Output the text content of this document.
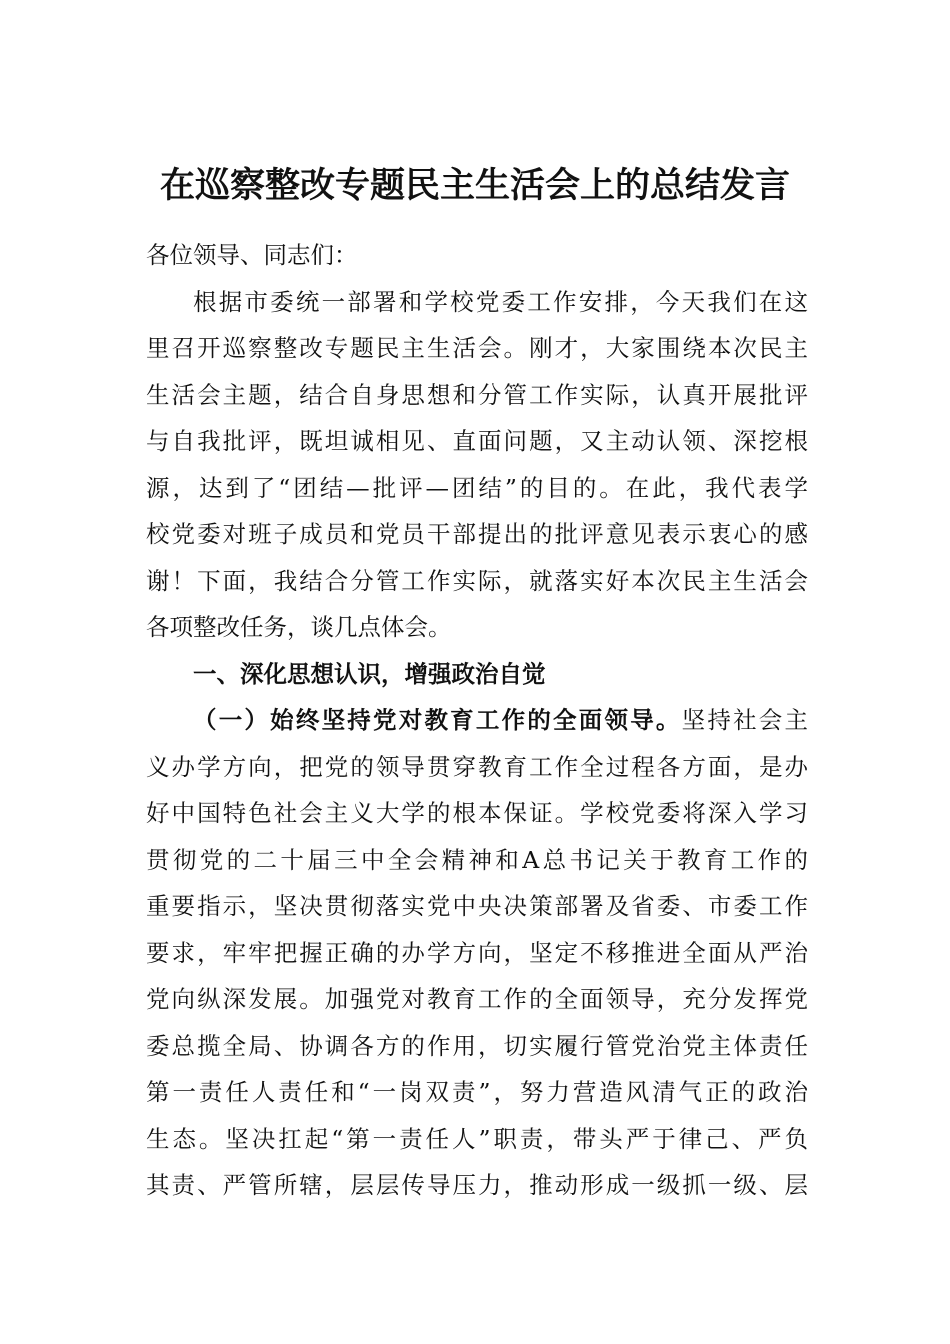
在巡察整改专题民主生活会上的总结发言
各位领导、同志们：
根据市委统一部署和学校党委工作安排，今天我们在这
里召开巡察整改专题民主生活会。刚才，大家围绕本次民主
生活会主题，结合自身思想和分管工作实际，认真开展批评
与自我批评，既坦诚相见、直面问题，又主动认领、深挖根
源，达到了“团结—批评—团结”的目的。在此，我代表学
校党委对班子成员和党员干部提出的批评意见表示衷心的感
谢！下面，我结合分管工作实际，就落实好本次民主生活会
各项整改任务，谈几点体会。
一、深化思想认识，增强政治自觉
（一）始终坚持党对教育工作的全面领导。坚持社会主
义办学方向，把党的领导贯穿教育工作全过程各方面，是办
好中国特色社会主义大学的根本保证。学校党委将深入学习
贯彻党的二十届三中全会精神和A总书记关于教育工作的
重要指示，坚决贯彻落实党中央决策部署及省委、市委工作
要求，牢牢把握正确的办学方向，坚定不移推进全面从严治
党向纵深发展。加强党对教育工作的全面领导，充分发挥党
委总揽全局、协调各方的作用，切实履行管党治党主体责任
第一责任人责任和“一岗双责”，努力营造风清气正的政治
生态。坚决扛起“第一责任人”职责，带头严于律己、严负
其责、严管所辖，层层传导压力，推动形成一级抓一级、层
